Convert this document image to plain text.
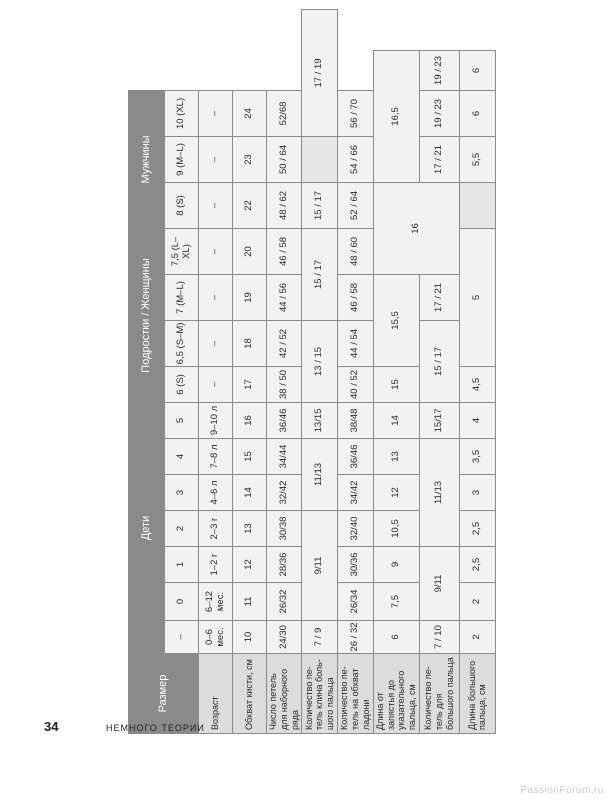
Размер	Дети							Подростки / Женщины				Мужчины			
	–	0	1	2	3	4	5	6 (S)	6,5 (S–M)	7 (M–L)	7,5 (L–XL)	8 (S)	9 (M–L)	10 (XL)	
Возраст	0–6 мес.	6–12 мес.	1–2 г	2–3 г	4–6 л	7–8 л	9–10 л	–	–	–	–	–	–	–	
Обхват кисти, см	10	11	12	13	14	15	16	17	18	19	20	22	23	24	
Число петель для наборного ряда	24/30	26/32	28/36	30/38	32/42	34/44	36/46	38 / 50	42 / 52	44 / 56	46 / 58	48 / 62	50 / 64	52/68	
Количество петель клина большого пальца	7 / 9	9/11			11/13		13/15	13 / 15		15 / 17		15 / 17		17 / 19	
Количество петель на обхват ладони	26 / 32	26/34	30/36	32/40	34/42	36/46	38/48	40 / 52	44 / 54	46 / 58	48 / 60	52 / 64	54 / 66	56 / 70	
Длина от запястья до указательного пальца, см	6	7,5	9	10,5	12	13	14	15	15,5		16		16,5		
Количество петель для большого пальца	7 / 10	9/11		11/13			15/17	15 / 17		17 / 21			17 / 21	19 / 23	19 / 23
Длина большого пальца, см	2	2	2,5	2,5	3	3,5	4	4,5	5				5,5	6	6
34	НЕМНОГО ТЕОРИИ
PassionForum.ru
